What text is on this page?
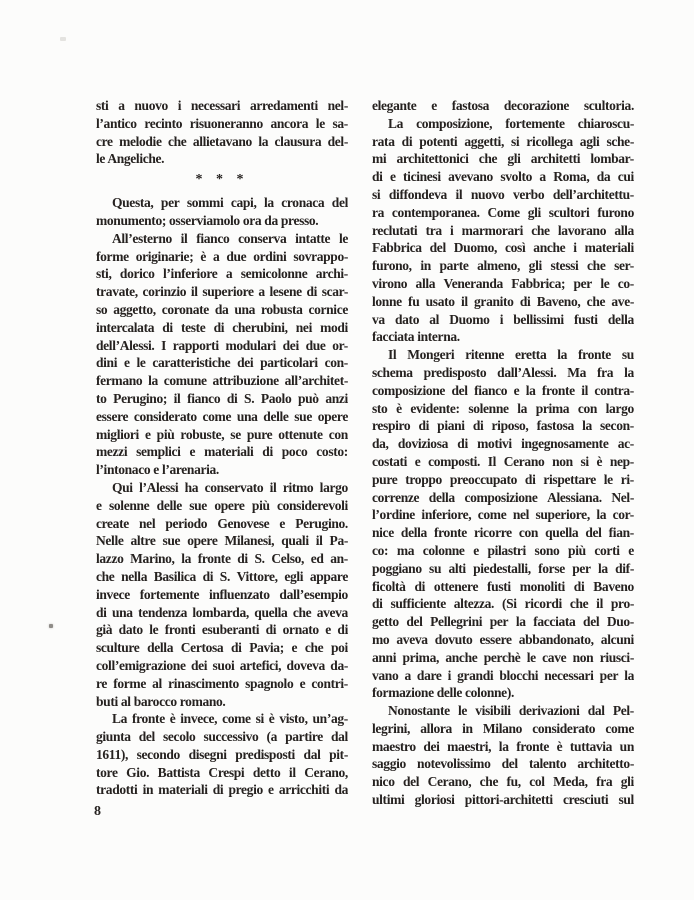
sti a nuovo i necessari arredamenti nel-
l’antico recinto risuoneranno ancora le sa-
cre melodie che allietavano la clausura del-
le Angeliche.
* * *
Questa, per sommi capi, la cronaca del
monumento; osserviamolo ora da presso.
All’esterno il fianco conserva intatte le
forme originarie; è a due ordini sovrappo-
sti, dorico l’inferiore a semicolonne archi-
travate, corinzio il superiore a lesene di scar-
so aggetto, coronate da una robusta cornice
intercalata di teste di cherubini, nei modi
dell’Alessi. I rapporti modulari dei due or-
dini e le caratteristiche dei particolari con-
fermano la comune attribuzione all’architet-
to Perugino; il fianco di S. Paolo può anzi
essere considerato come una delle sue opere
migliori e più robuste, se pure ottenute con
mezzi semplici e materiali di poco costo:
l’intonaco e l’arenaria.
Qui l’Alessi ha conservato il ritmo largo
e solenne delle sue opere più considerevoli
create nel periodo Genovese e Perugino.
Nelle altre sue opere Milanesi, quali il Pa-
lazzo Marino, la fronte di S. Celso, ed an-
che nella Basilica di S. Vittore, egli appare
invece fortemente influenzato dall’esempio
di una tendenza lombarda, quella che aveva
già dato le fronti esuberanti di ornato e di
sculture della Certosa di Pavia; e che poi
coll’emigrazione dei suoi artefici, doveva da-
re forme al rinascimento spagnolo e contri-
buti al barocco romano.
La fronte è invece, come si è visto, un’ag-
giunta del secolo successivo (a partire dal
1611), secondo disegni predisposti dal pit-
tore Gio. Battista Crespi detto il Cerano,
tradotti in materiali di pregio e arricchiti da
elegante e fastosa decorazione scultoria.
La composizione, fortemente chiaroscu-
rata di potenti aggetti, si ricollega agli sche-
mi architettonici che gli architetti lombar-
di e ticinesi avevano svolto a Roma, da cui
si diffondeva il nuovo verbo dell’architettu-
ra contemporanea. Come gli scultori furono
reclutati tra i marmorari che lavorano alla
Fabbrica del Duomo, così anche i materiali
furono, in parte almeno, gli stessi che ser-
virono alla Veneranda Fabbrica; per le co-
lonne fu usato il granito di Baveno, che ave-
va dato al Duomo i bellissimi fusti della
facciata interna.
Il Mongeri ritenne eretta la fronte su
schema predisposto dall’Alessi. Ma fra la
composizione del fianco e la fronte il contra-
sto è evidente: solenne la prima con largo
respiro di piani di riposo, fastosa la secon-
da, doviziosa di motivi ingegnosamente ac-
costati e composti. Il Cerano non si è nep-
pure troppo preoccupato di rispettare le ri-
correnze della composizione Alessiana. Nel-
l’ordine inferiore, come nel superiore, la cor-
nice della fronte ricorre con quella del fian-
co: ma colonne e pilastri sono più corti e
poggiano su alti piedestalli, forse per la dif-
ficoltà di ottenere fusti monoliti di Baveno
di sufficiente altezza. (Si ricordi che il pro-
getto del Pellegrini per la facciata del Duo-
mo aveva dovuto essere abbandonato, alcuni
anni prima, anche perchè le cave non riusci-
vano a dare i grandi blocchi necessari per la
formazione delle colonne).
Nonostante le visibili derivazioni dal Pel-
legrini, allora in Milano considerato come
maestro dei maestri, la fronte è tuttavia un
saggio notevolissimo del talento architetto-
nico del Cerano, che fu, col Meda, fra gli
ultimi gloriosi pittori-architetti cresciuti sul
8
